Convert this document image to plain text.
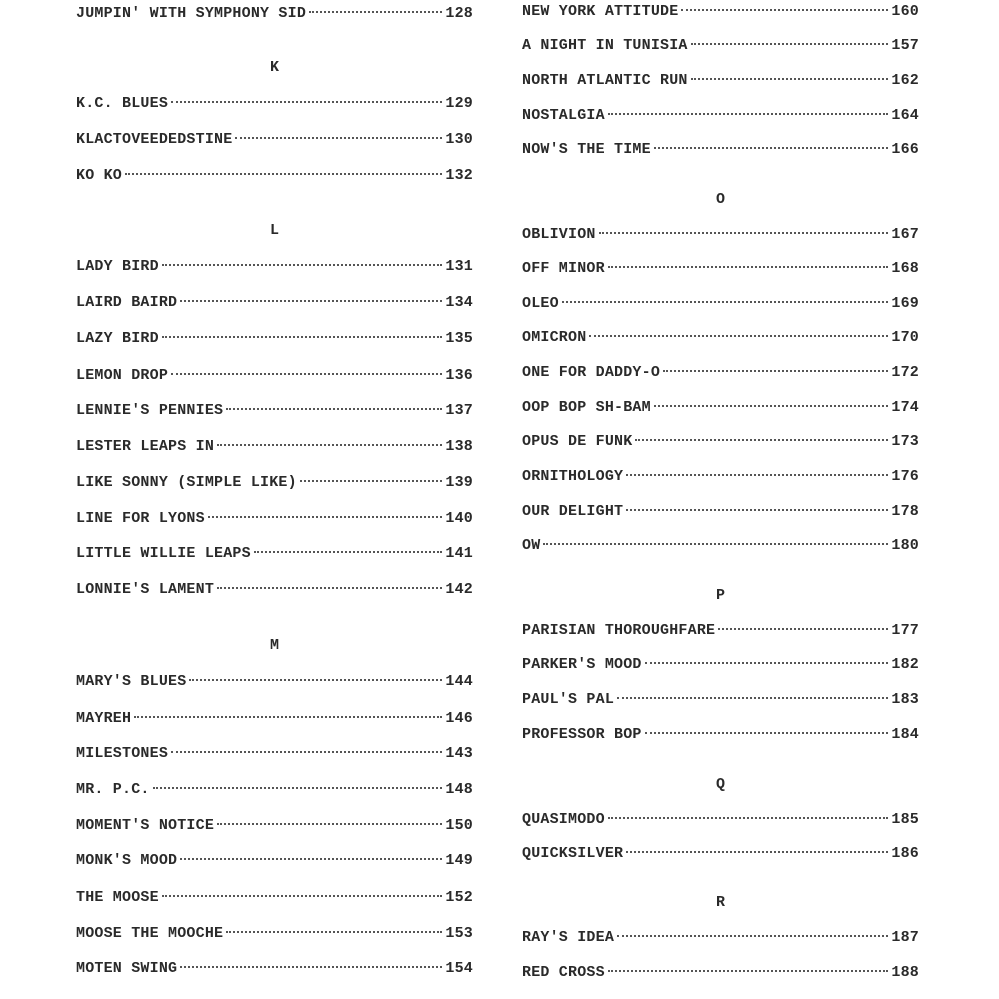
JUMPIN' WITH SYMPHONY SID	128
K
K.C. BLUES	129
KLACTOVEEDEDSTINE	130
KO KO	132
L
LADY BIRD	131
LAIRD BAIRD	134
LAZY BIRD	135
LEMON DROP	136
LENNIE'S PENNIES	137
LESTER LEAPS IN	138
LIKE SONNY (SIMPLE LIKE)	139
LINE FOR LYONS	140
LITTLE WILLIE LEAPS	141
LONNIE'S LAMENT	142
M
MARY'S BLUES	144
MAYREH	146
MILESTONES	143
MR. P.C.	148
MOMENT'S NOTICE	150
MONK'S MOOD	149
THE MOOSE	152
MOOSE THE MOOCHE	153
MOTEN SWING	154
NEW YORK ATTITUDE	160
A NIGHT IN TUNISIA	157
NORTH ATLANTIC RUN	162
NOSTALGIA	164
NOW'S THE TIME	166
O
OBLIVION	167
OFF MINOR	168
OLEO	169
OMICRON	170
ONE FOR DADDY-O	172
OOP BOP SH-BAM	174
OPUS DE FUNK	173
ORNITHOLOGY	176
OUR DELIGHT	178
OW	180
P
PARISIAN THOROUGHFARE	177
PARKER'S MOOD	182
PAUL'S PAL	183
PROFESSOR BOP	184
Q
QUASIMODO	185
QUICKSILVER	186
R
RAY'S IDEA	187
RED CROSS	188
